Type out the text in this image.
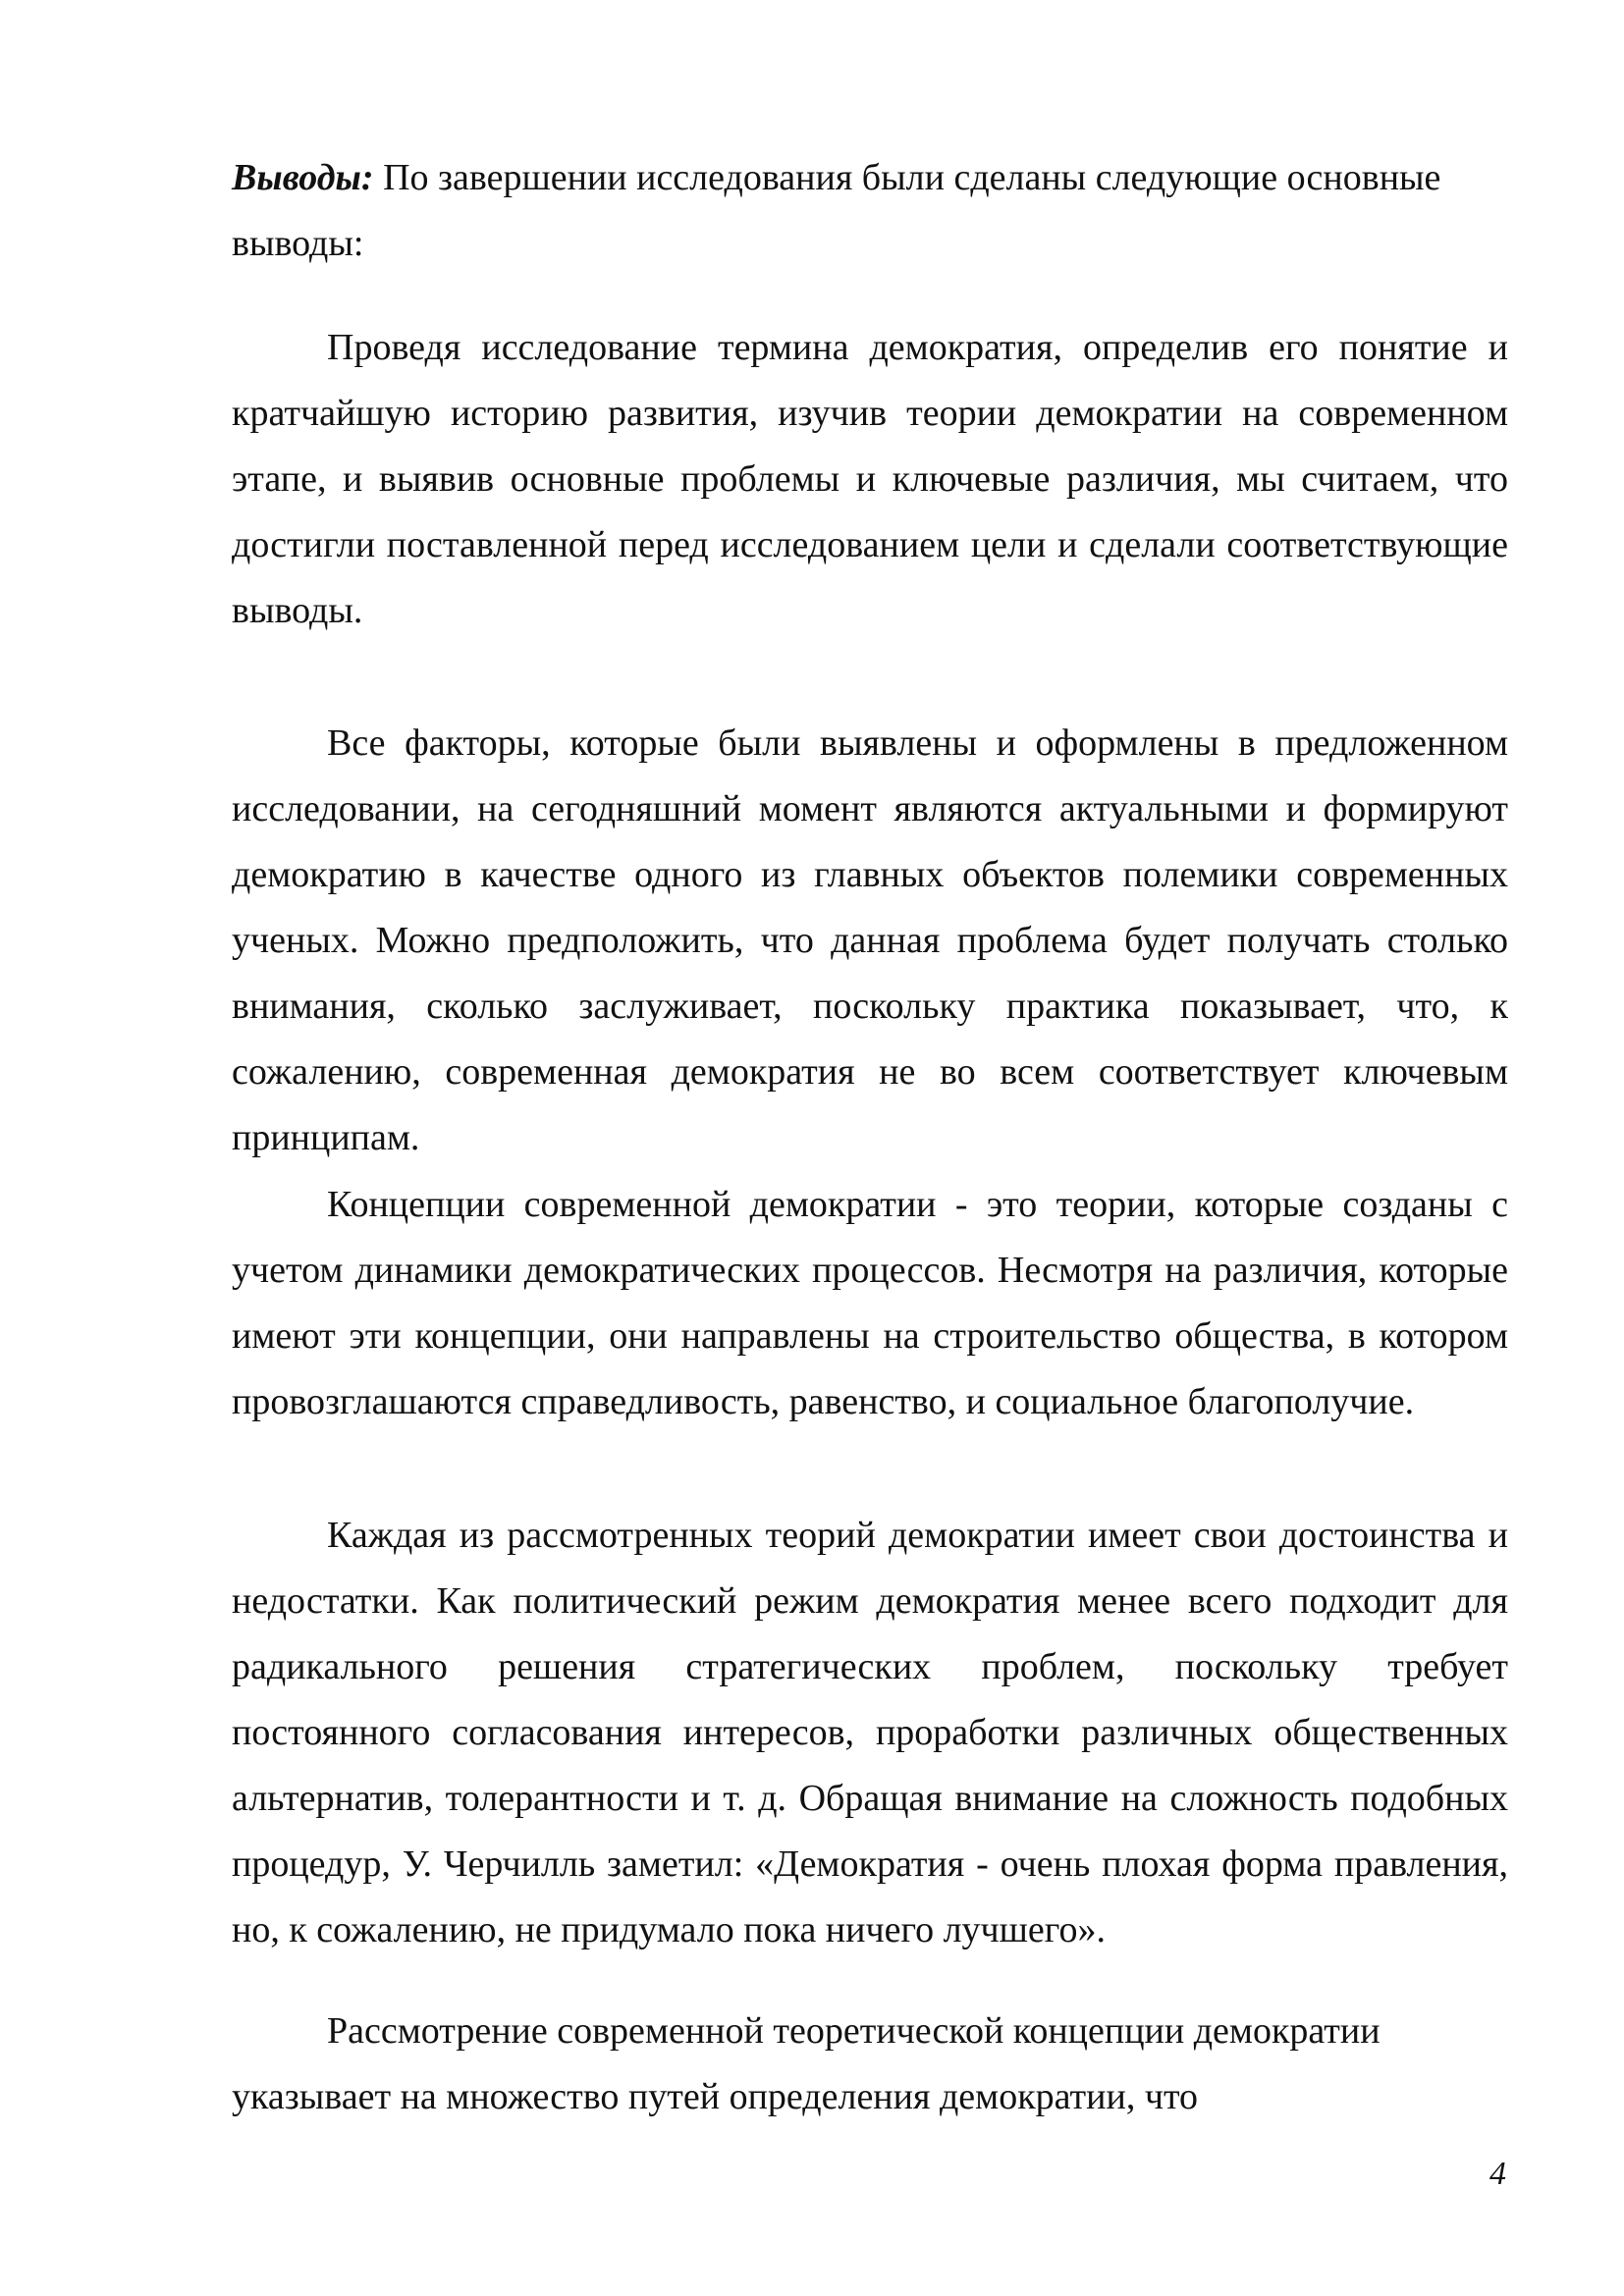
Выводы: По завершении исследования были сделаны следующие основные выводы:
Проведя исследование термина демократия, определив его понятие и кратчайшую историю развития, изучив теории демократии на современном этапе, и выявив основные проблемы и ключевые различия, мы считаем, что достигли поставленной перед исследованием цели и сделали соответствующие выводы.
Все факторы, которые были выявлены и оформлены в предложенном исследовании, на сегодняшний момент являются актуальными и формируют демократию в качестве одного из главных объектов полемики современных ученых. Можно предположить, что данная проблема будет получать столько внимания, сколько заслуживает, поскольку практика показывает, что, к сожалению, современная демократия не во всем соответствует ключевым принципам.
Концепции современной демократии - это теории, которые созданы с учетом динамики демократических процессов. Несмотря на различия, которые имеют эти концепции, они направлены на строительство общества, в котором провозглашаются справедливость, равенство, и социальное благополучие.
Каждая из рассмотренных теорий демократии имеет свои достоинства и недостатки. Как политический режим демократия менее всего подходит для радикального решения стратегических проблем, поскольку требует постоянного согласования интересов, проработки различных общественных альтернатив, толерантности и т. д. Обращая внимание на сложность подобных процедур, У. Черчилль заметил: «Демократия - очень плохая форма правления, но, к сожалению, не придумало пока ничего лучшего».
Рассмотрение современной теоретической концепции демократии указывает на множество путей определения демократии, что
4
